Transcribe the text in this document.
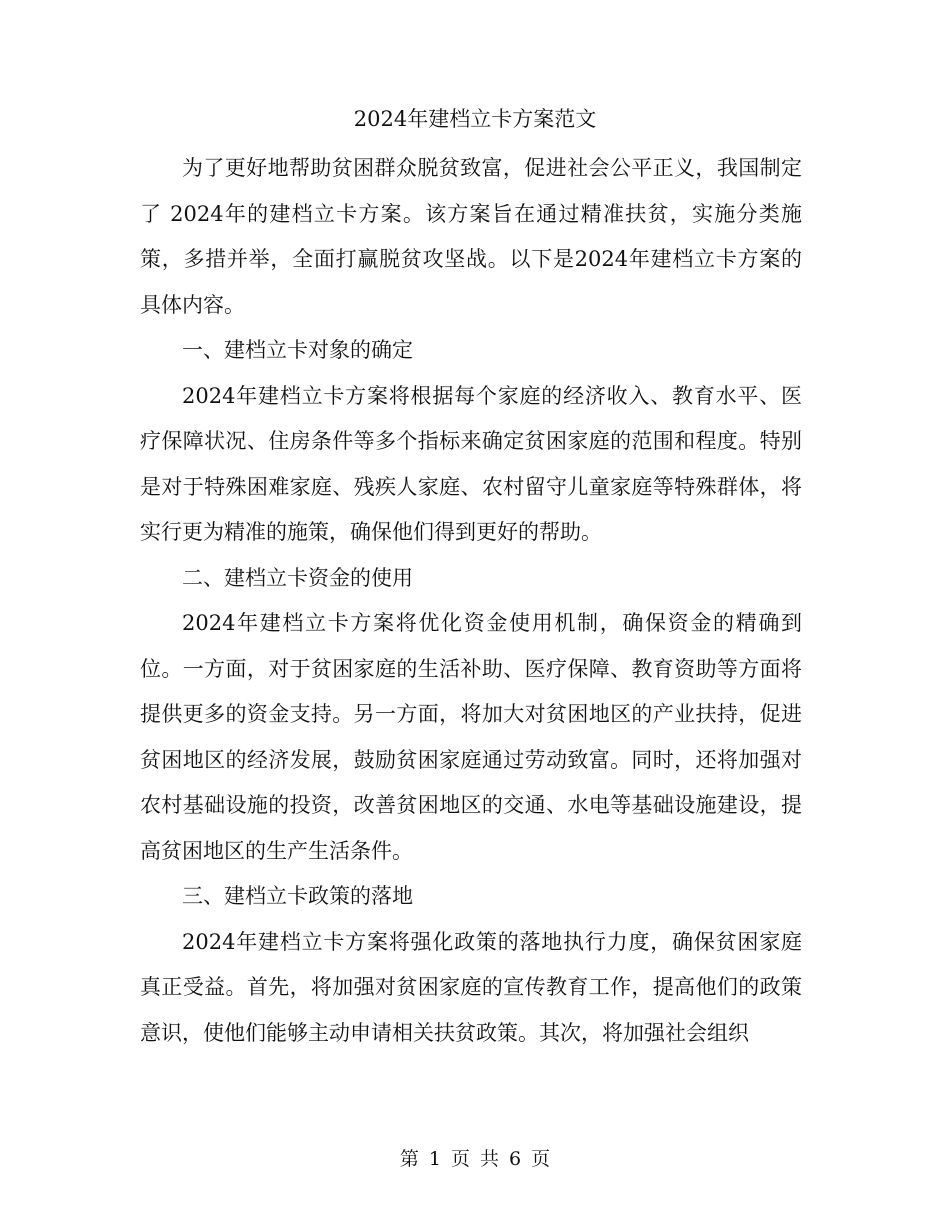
2024年建档立卡方案范文

为了更好地帮助贫困群众脱贫致富，促进社会公平正义，我国制定了 2024年的建档立卡方案。该方案旨在通过精准扶贫，实施分类施策，多措并举，全面打赢脱贫攻坚战。以下是2024年建档立卡方案的具体内容。

一、建档立卡对象的确定

2024年建档立卡方案将根据每个家庭的经济收入、教育水平、医疗保障状况、住房条件等多个指标来确定贫困家庭的范围和程度。特别是对于特殊困难家庭、残疾人家庭、农村留守儿童家庭等特殊群体，将实行更为精准的施策，确保他们得到更好的帮助。

二、建档立卡资金的使用

2024年建档立卡方案将优化资金使用机制，确保资金的精确到位。一方面，对于贫困家庭的生活补助、医疗保障、教育资助等方面将提供更多的资金支持。另一方面，将加大对贫困地区的产业扶持，促进贫困地区的经济发展，鼓励贫困家庭通过劳动致富。同时，还将加强对农村基础设施的投资，改善贫困地区的交通、水电等基础设施建设，提高贫困地区的生产生活条件。

三、建档立卡政策的落地

2024年建档立卡方案将强化政策的落地执行力度，确保贫困家庭真正受益。首先，将加强对贫困家庭的宣传教育工作，提高他们的政策意识，使他们能够主动申请相关扶贫政策。其次，将加强社会组织

第 1 页 共 6 页
